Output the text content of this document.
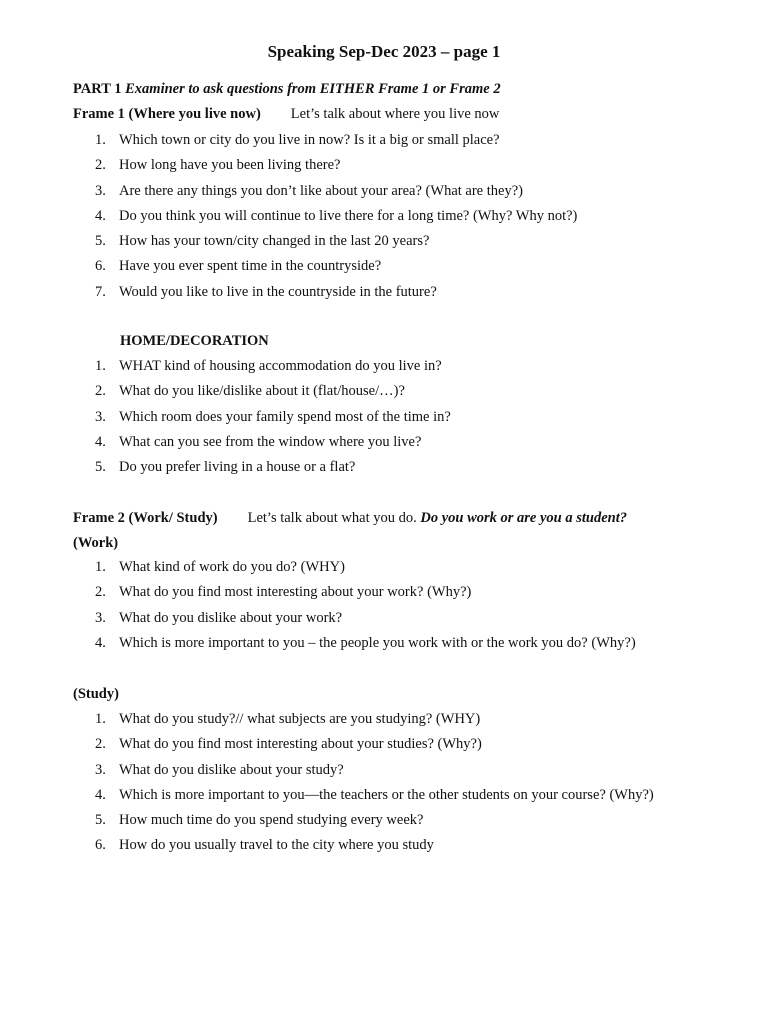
Speaking Sep-Dec 2023 – page 1
PART 1 Examiner to ask questions from EITHER Frame 1 or Frame 2
Frame 1 (Where you live now) Let’s talk about where you live now
1. Which town or city do you live in now? Is it a big or small place?
2. How long have you been living there?
3. Are there any things you don’t like about your area? (What are they?)
4. Do you think you will continue to live there for a long time? (Why? Why not?)
5. How has your town/city changed in the last 20 years?
6. Have you ever spent time in the countryside?
7. Would you like to live in the countryside in the future?
HOME/DECORATION
1. WHAT kind of housing accommodation do you live in?
2. What do you like/dislike about it (flat/house/…)?
3. Which room does your family spend most of the time in?
4. What can you see from the window where you live?
5. Do you prefer living in a house or a flat?
Frame 2 (Work/ Study) Let’s talk about what you do. Do you work or are you a student?
(Work)
1. What kind of work do you do? (WHY)
2. What do you find most interesting about your work? (Why?)
3. What do you dislike about your work?
4. Which is more important to you – the people you work with or the work you do? (Why?)
(Study)
1. What do you study?// what subjects are you studying? (WHY)
2. What do you find most interesting about your studies? (Why?)
3. What do you dislike about your study?
4. Which is more important to you—the teachers or the other students on your course? (Why?)
5. How much time do you spend studying every week?
6. How do you usually travel to the city where you study
